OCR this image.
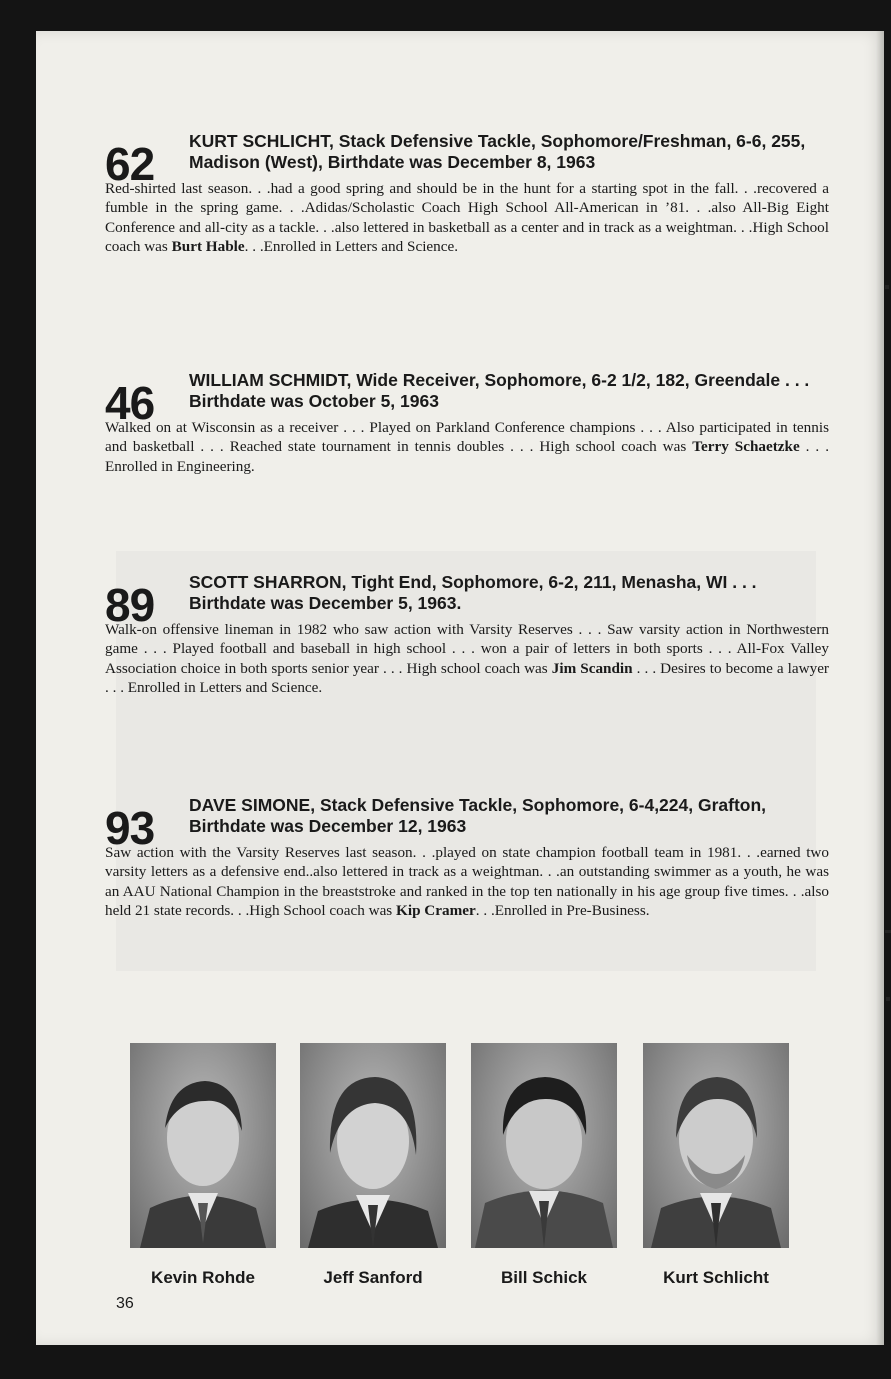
62 KURT SCHLICHT, Stack Defensive Tackle, Sophomore/Freshman, 6-6, 255, Madison (West), Birthdate was December 8, 1963
Red-shirted last season. . .had a good spring and should be in the hunt for a starting spot in the fall. . .recovered a fumble in the spring game. . .Adidas/Scholastic Coach High School All-American in ’81. . .also All-Big Eight Conference and all-city as a tackle. . .also lettered in basketball as a center and in track as a weightman. . .High School coach was Burt Hable. . .Enrolled in Letters and Science.
46 WILLIAM SCHMIDT, Wide Receiver, Sophomore, 6-2 1/2, 182, Greendale . . . Birthdate was October 5, 1963
Walked on at Wisconsin as a receiver . . . Played on Parkland Conference champions . . . Also participated in tennis and basketball . . . Reached state tournament in tennis doubles . . . High school coach was Terry Schaetzke . . . Enrolled in Engineering.
89 SCOTT SHARRON, Tight End, Sophomore, 6-2, 211, Menasha, WI . . . Birthdate was December 5, 1963.
Walk-on offensive lineman in 1982 who saw action with Varsity Reserves . . . Saw varsity action in Northwestern game . . . Played football and baseball in high school . . . won a pair of letters in both sports . . . All-Fox Valley Association choice in both sports senior year . . . High school coach was Jim Scandin . . . Desires to become a lawyer . . . Enrolled in Letters and Science.
93 DAVE SIMONE, Stack Defensive Tackle, Sophomore, 6-4,224, Grafton, Birthdate was December 12, 1963
Saw action with the Varsity Reserves last season. . .played on state champion football team in 1981. . .earned two varsity letters as a defensive end..also lettered in track as a weightman. . .an outstanding swimmer as a youth, he was an AAU National Champion in the breaststroke and ranked in the top ten nationally in his age group five times. . .also held 21 state records. . .High School coach was Kip Cramer. . .Enrolled in Pre-Business.
Kevin Rohde	Jeff Sanford	Bill Schick	Kurt Schlicht
36
